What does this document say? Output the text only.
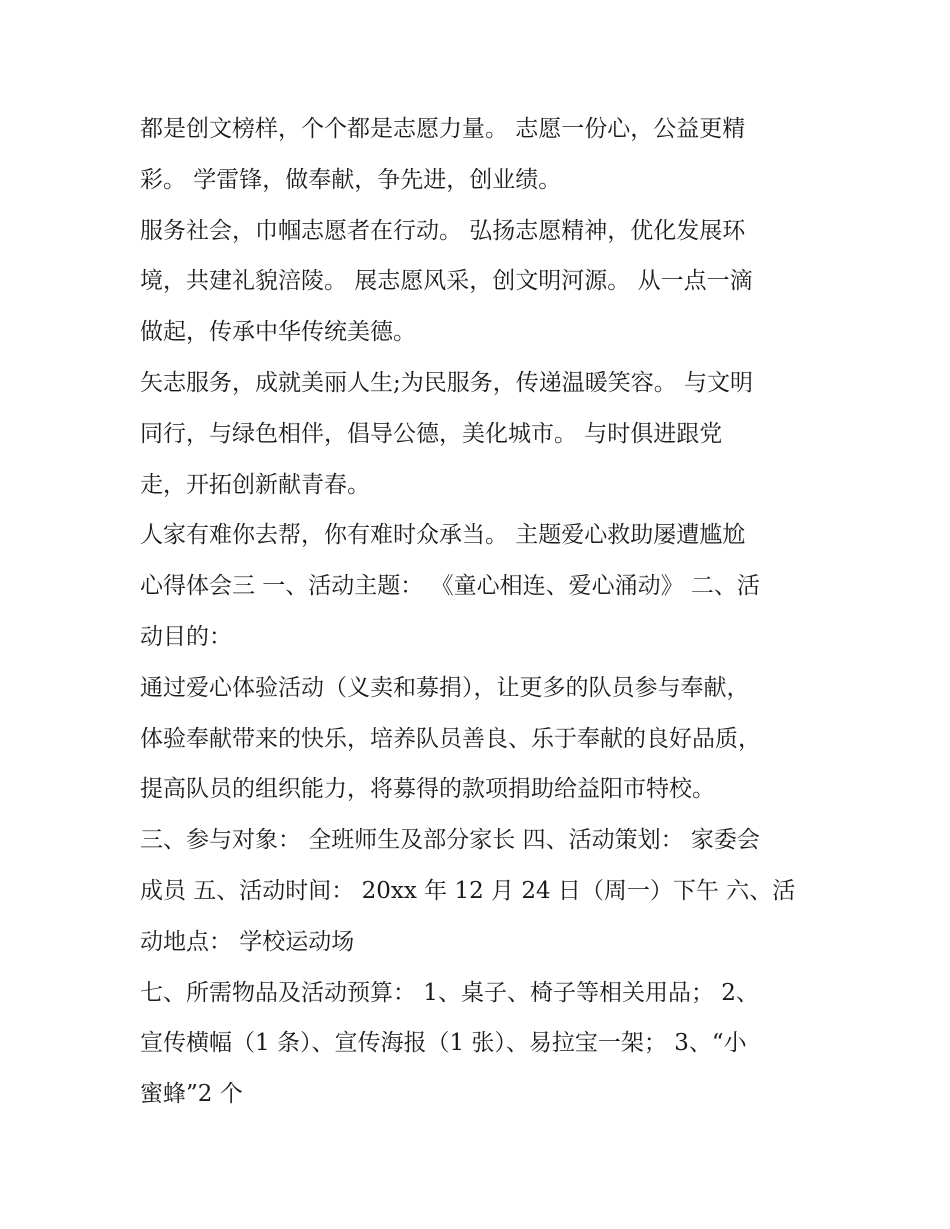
都是创文榜样，个个都是志愿力量。 志愿一份心，公益更精
彩。 学雷锋，做奉献，争先进，创业绩。
服务社会，巾帼志愿者在行动。 弘扬志愿精神，优化发展环
境，共建礼貌涪陵。 展志愿风采，创文明河源。 从一点一滴
做起，传承中华传统美德。
矢志服务，成就美丽人生;为民服务，传递温暖笑容。 与文明
同行，与绿色相伴，倡导公德，美化城市。 与时俱进跟党
走，开拓创新献青春。
人家有难你去帮，你有难时众承当。 主题爱心救助屡遭尴尬
心得体会三 一、活动主题： 《童心相连、爱心涌动》 二、活
动目的：
通过爱心体验活动（义卖和募捐），让更多的队员参与奉献，
体验奉献带来的快乐，培养队员善良、乐于奉献的良好品质，
提高队员的组织能力，将募得的款项捐助给益阳市特校。
三、参与对象： 全班师生及部分家长 四、活动策划： 家委会
成员 五、活动时间： 20xx 年 12 月 24 日（周一）下午 六、活
动地点： 学校运动场
七、所需物品及活动预算： 1、桌子、椅子等相关用品； 2、
宣传横幅（1 条）、宣传海报（1 张）、易拉宝一架； 3、“小
蜜蜂”2 个
